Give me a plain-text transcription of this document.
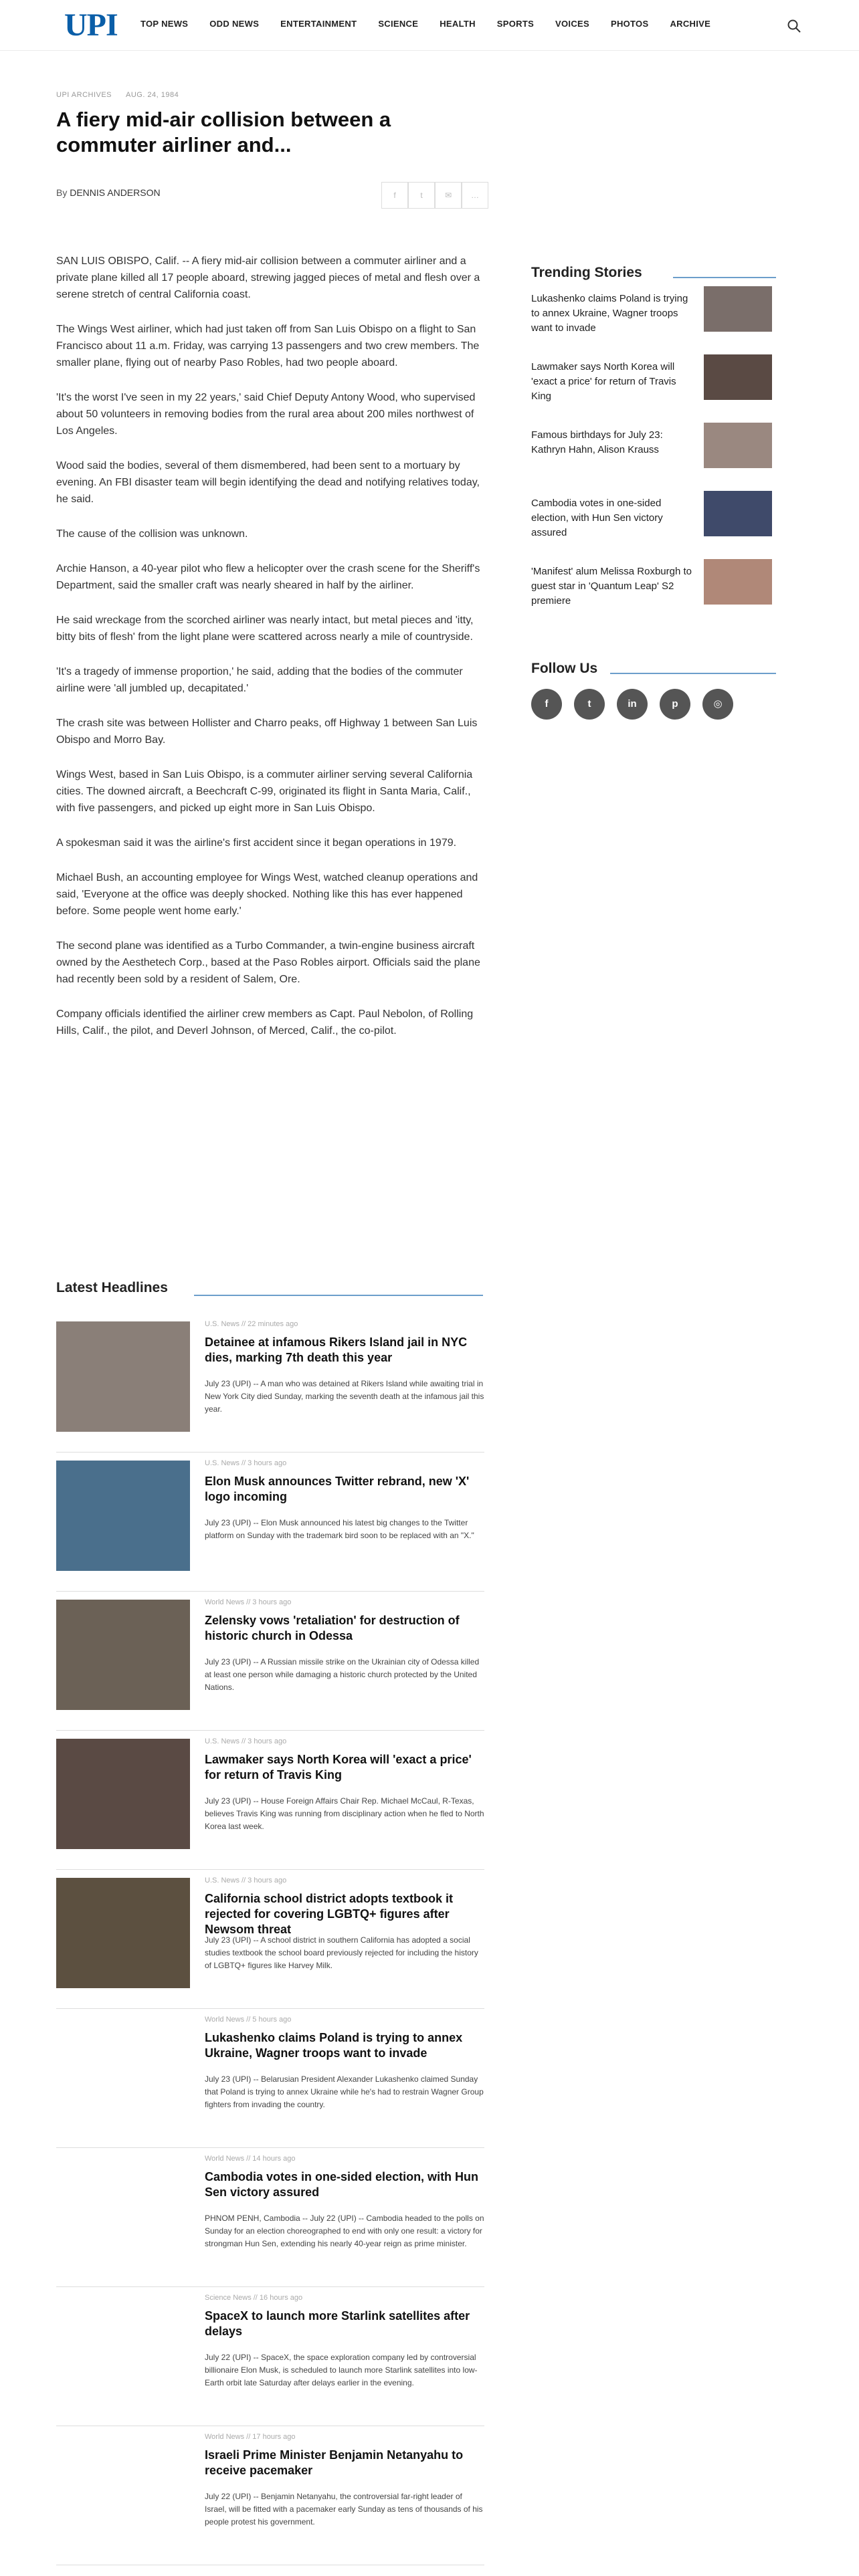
UPI	TOP NEWS ODD NEWS ENTERTAINMENT SCIENCE HEALTH SPORTS VOICES PHOTOS ARCHIVE
UPI ARCHIVES AUG. 24, 1984
A fiery mid-air collision between a commuter airliner and...
By DENNIS ANDERSON	f	t	✉	…

SAN LUIS OBISPO, Calif. -- A fiery mid-air collision between a commuter airliner and a private plane killed all 17 people aboard, strewing jagged pieces of metal and flesh over a serene stretch of central California coast.

The Wings West airliner, which had just taken off from San Luis Obispo on a flight to San Francisco about 11 a.m. Friday, was carrying 13 passengers and two crew members. The smaller plane, flying out of nearby Paso Robles, had two people aboard.

'It's the worst I've seen in my 22 years,' said Chief Deputy Antony Wood, who supervised about 50 volunteers in removing bodies from the rural area about 200 miles northwest of Los Angeles.

Wood said the bodies, several of them dismembered, had been sent to a mortuary by evening. An FBI disaster team will begin identifying the dead and notifying relatives today, he said.

The cause of the collision was unknown.

Archie Hanson, a 40-year pilot who flew a helicopter over the crash scene for the Sheriff's Department, said the smaller craft was nearly sheared in half by the airliner.

He said wreckage from the scorched airliner was nearly intact, but metal pieces and 'itty, bitty bits of flesh' from the light plane were scattered across nearly a mile of countryside.

'It's a tragedy of immense proportion,' he said, adding that the bodies of the commuter airline were 'all jumbled up, decapitated.'

The crash site was between Hollister and Charro peaks, off Highway 1 between San Luis Obispo and Morro Bay.

Wings West, based in San Luis Obispo, is a commuter airliner serving several California cities. The downed aircraft, a Beechcraft C-99, originated its flight in Santa Maria, Calif., with five passengers, and picked up eight more in San Luis Obispo.

A spokesman said it was the airline's first accident since it began operations in 1979.

Michael Bush, an accounting employee for Wings West, watched cleanup operations and said, 'Everyone at the office was deeply shocked. Nothing like this has ever happened before. Some people went home early.'

The second plane was identified as a Turbo Commander, a twin-engine business aircraft owned by the Aesthetech Corp., based at the Paso Robles airport. Officials said the plane had recently been sold by a resident of Salem, Ore.

Company officials identified the airliner crew members as Capt. Paul Nebolon, of Rolling Hills, Calif., the pilot, and Deverl Johnson, of Merced, Calif., the co-pilot.

Latest Headlines
U.S. News // 22 minutes ago
Detainee at infamous Rikers Island jail in NYC dies, marking 7th death this year
July 23 (UPI) -- A man who was detained at Rikers Island while awaiting trial in New York City died Sunday, marking the seventh death at the infamous jail this year.
U.S. News // 3 hours ago
Elon Musk announces Twitter rebrand, new 'X' logo incoming
July 23 (UPI) -- Elon Musk announced his latest big changes to the Twitter platform on Sunday with the trademark bird soon to be replaced with an "X."
World News // 3 hours ago
Zelensky vows 'retaliation' for destruction of historic church in Odessa
July 23 (UPI) -- A Russian missile strike on the Ukrainian city of Odessa killed at least one person while damaging a historic church protected by the United Nations.
U.S. News // 3 hours ago
Lawmaker says North Korea will 'exact a price' for return of Travis King
July 23 (UPI) -- House Foreign Affairs Chair Rep. Michael McCaul, R-Texas, believes Travis King was running from disciplinary action when he fled to North Korea last week.
U.S. News // 3 hours ago
California school district adopts textbook it rejected for covering LGBTQ+ figures after Newsom threat
July 23 (UPI) -- A school district in southern California has adopted a social studies textbook the school board previously rejected for including the history of LGBTQ+ figures like Harvey Milk.
World News // 5 hours ago
Lukashenko claims Poland is trying to annex Ukraine, Wagner troops want to invade
July 23 (UPI) -- Belarusian President Alexander Lukashenko claimed Sunday that Poland is trying to annex Ukraine while he's had to restrain Wagner Group fighters from invading the country.
World News // 14 hours ago
Cambodia votes in one-sided election, with Hun Sen victory assured
PHNOM PENH, Cambodia -- July 22 (UPI) -- Cambodia headed to the polls on Sunday for an election choreographed to end with only one result: a victory for strongman Hun Sen, extending his nearly 40-year reign as prime minister.
Science News // 16 hours ago
SpaceX to launch more Starlink satellites after delays
July 22 (UPI) -- SpaceX, the space exploration company led by controversial billionaire Elon Musk, is scheduled to launch more Starlink satellites into low-Earth orbit late Saturday after delays earlier in the evening.
World News // 17 hours ago
Israeli Prime Minister Benjamin Netanyahu to receive pacemaker
July 22 (UPI) -- Benjamin Netanyahu, the controversial far-right leader of Israel, will be fitted with a pacemaker early Sunday as tens of thousands of his people protest his government.
Trending Stories
Lukashenko claims Poland is trying to annex Ukraine, Wagner troops want to invade
Lawmaker says North Korea will 'exact a price' for return of Travis King
Famous birthdays for July 23: Kathryn Hahn, Alison Krauss
Cambodia votes in one-sided election, with Hun Sen victory assured
'Manifest' alum Melissa Roxburgh to guest star in 'Quantum Leap' S2 premiere
Follow Us
f	t	in	p	◎
